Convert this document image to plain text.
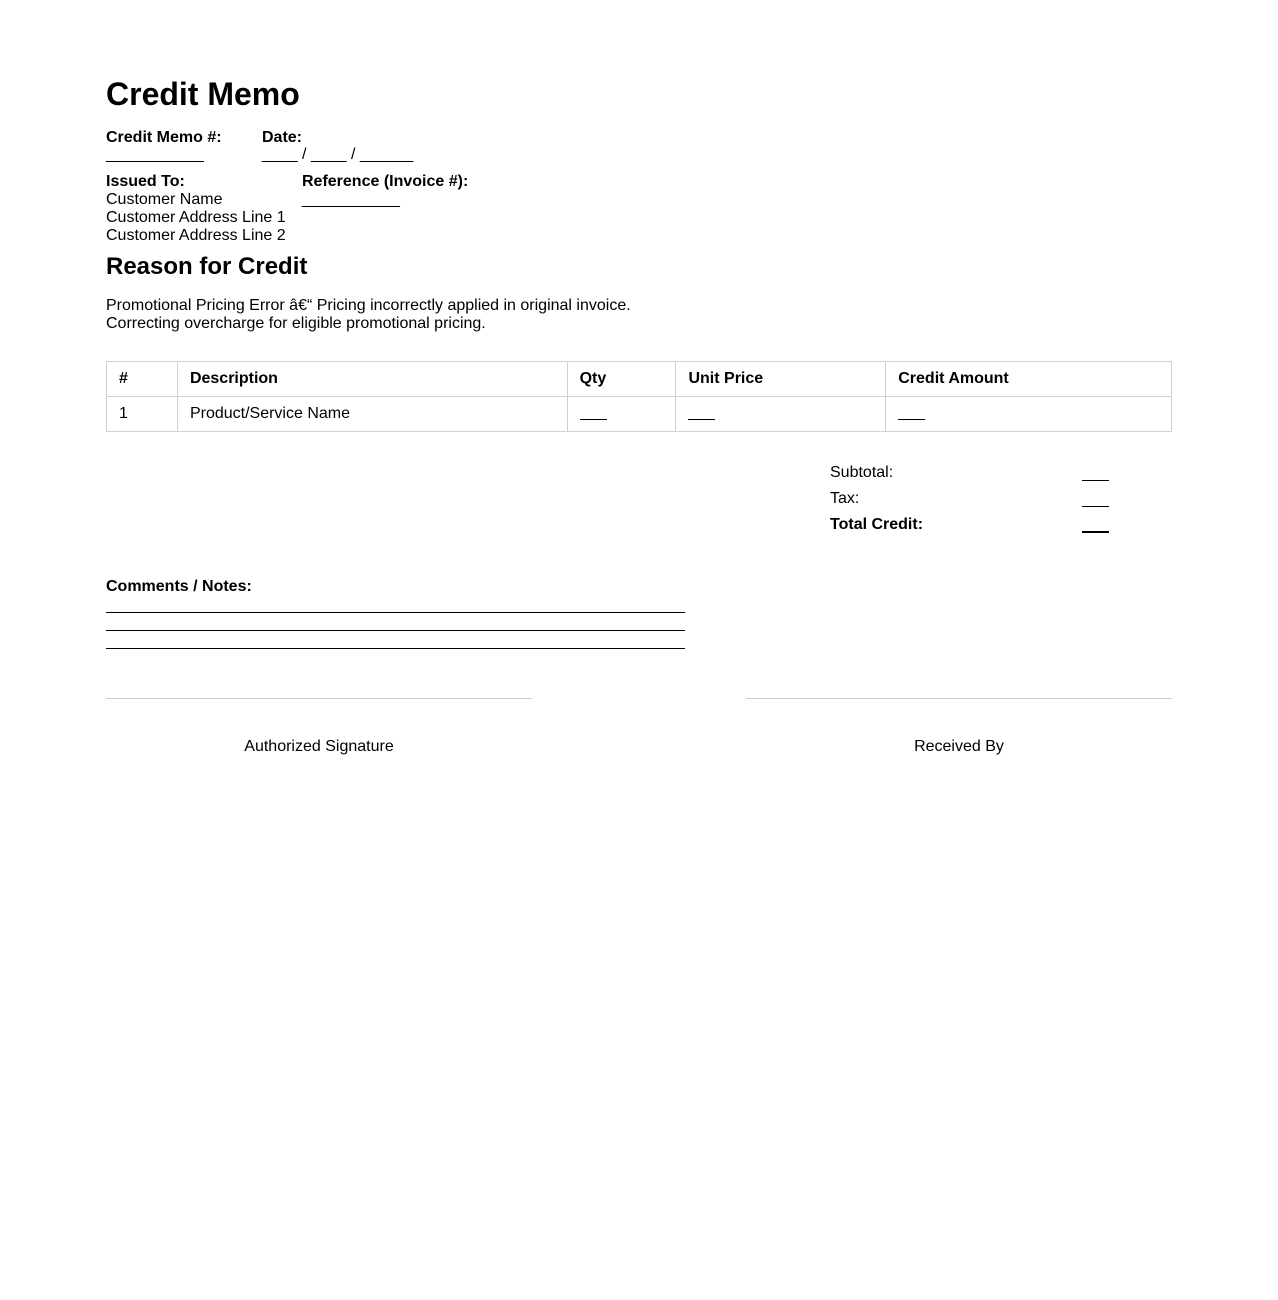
Credit Memo
Credit Memo #:
___________
Date:
____ / ____ / ______
Issued To:
Customer Name
Customer Address Line 1
Customer Address Line 2
Reference (Invoice #):
___________
Reason for Credit
Promotional Pricing Error â€“ Pricing incorrectly applied in original invoice.
Correcting overcharge for eligible promotional pricing.
#	Description	Qty	Unit Price	Credit Amount
1	Product/Service Name			
Subtotal:
Tax:
Total Credit:
Comments / Notes:
Authorized Signature	Received By
